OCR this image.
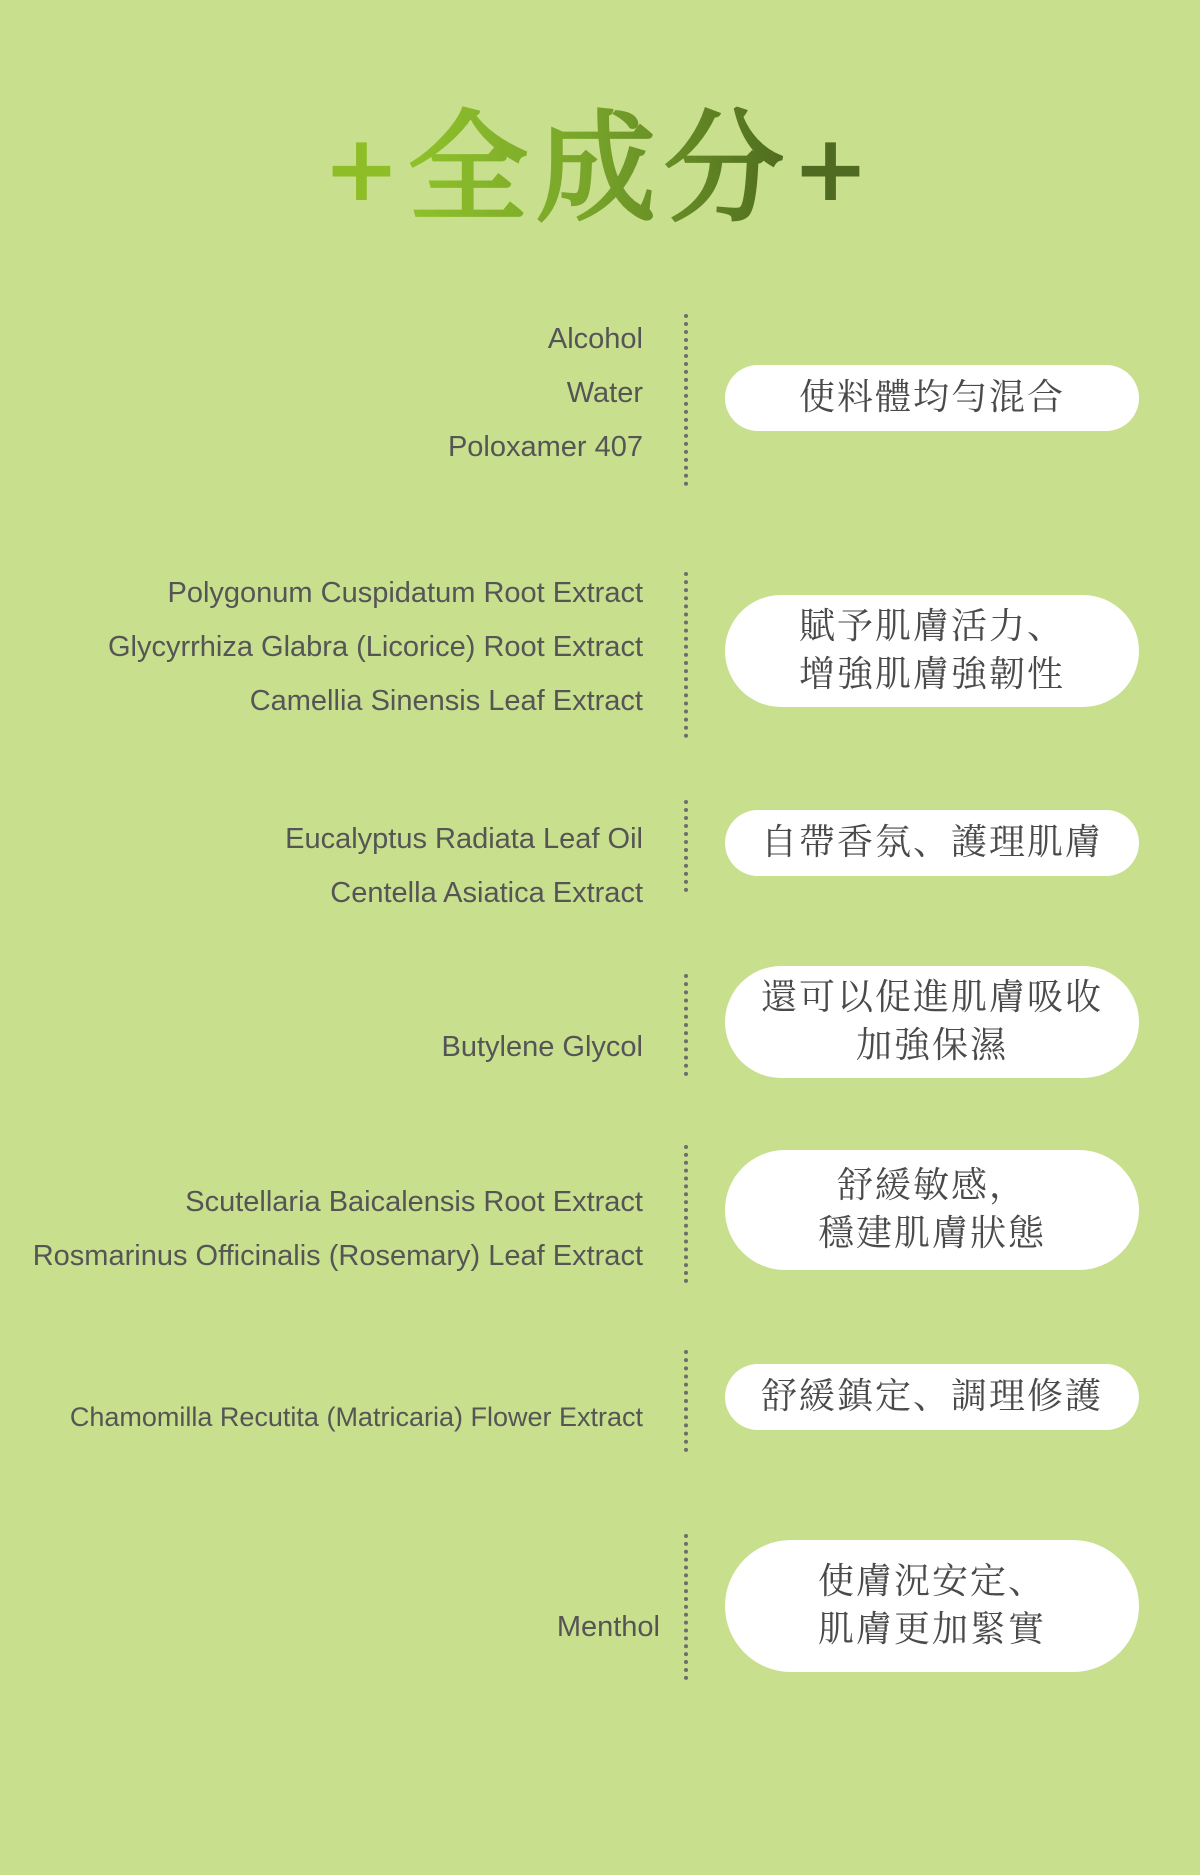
+全成分+
Alcohol
Water
Poloxamer 407
使料體均勻混合
Polygonum Cuspidatum Root Extract
Glycyrrhiza Glabra (Licorice) Root Extract
Camellia Sinensis Leaf Extract
賦予肌膚活力、
增強肌膚強韌性
Eucalyptus Radiata Leaf Oil
Centella Asiatica Extract
自帶香氛、護理肌膚
Butylene Glycol
還可以促進肌膚吸收
加強保濕
Scutellaria Baicalensis Root Extract
Rosmarinus Officinalis (Rosemary) Leaf Extract
舒緩敏感，
穩建肌膚狀態
Chamomilla Recutita (Matricaria) Flower Extract	舒緩鎮定、調理修護
Menthol
使膚況安定、
肌膚更加緊實
